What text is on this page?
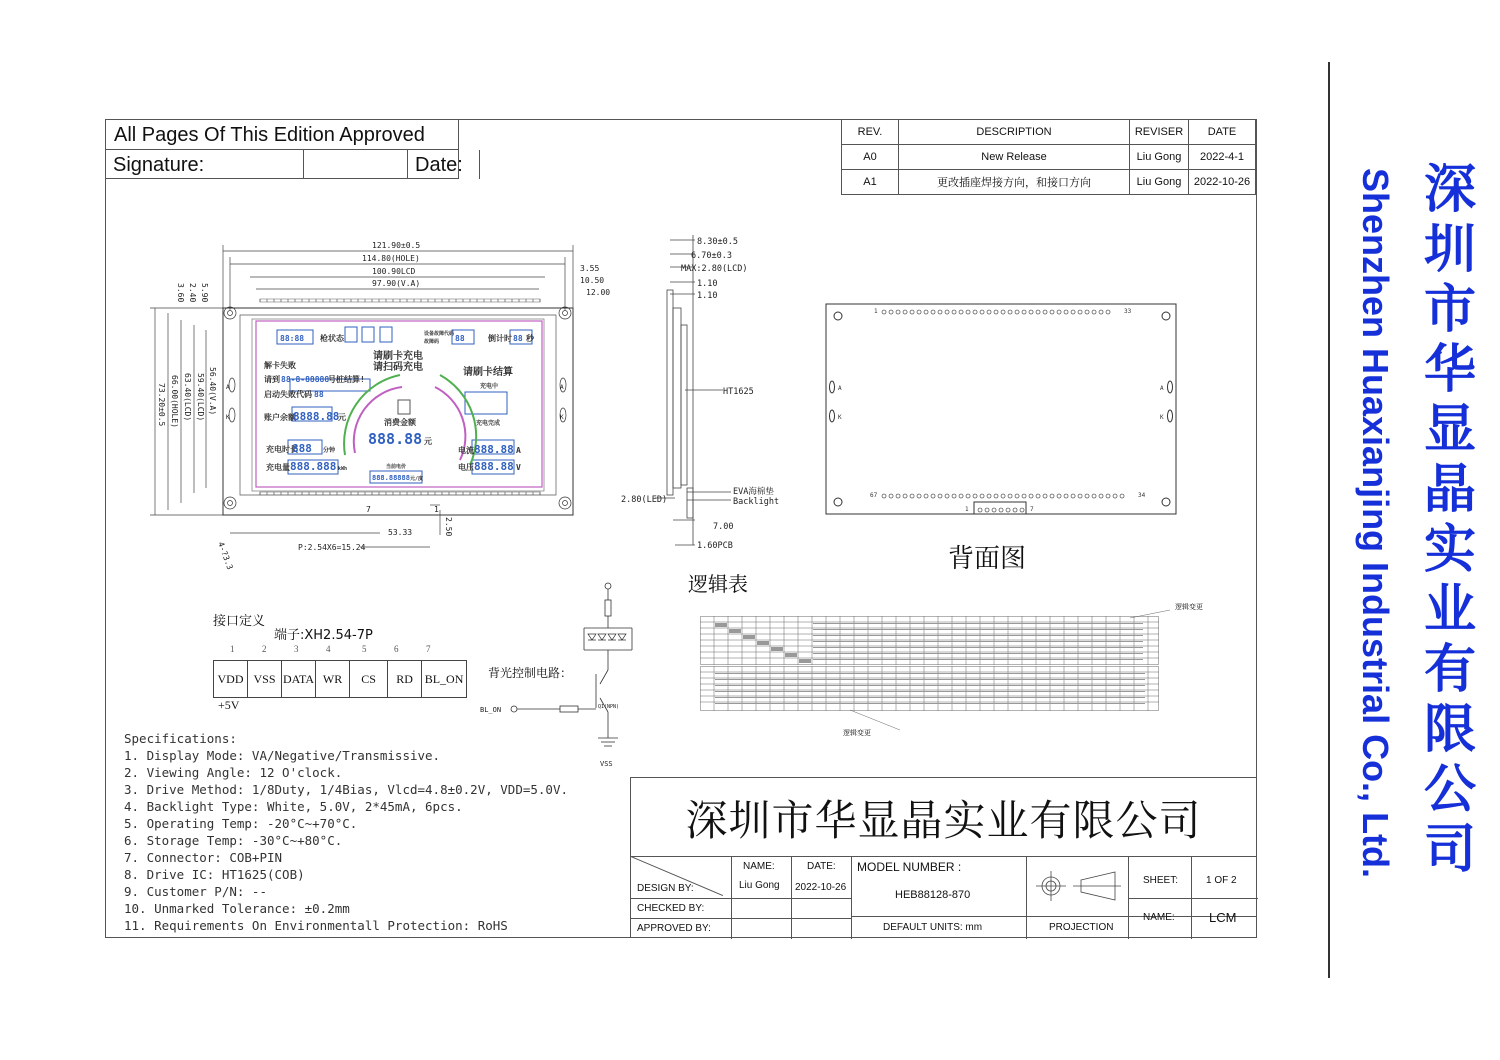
All Pages Of This Edition Approved
Signature:	Date:
REV.	DESCRIPTION	REVISER	DATE
A0	New Release	Liu Gong	2022-4-1
A1	更改插座焊接方向，和接口方向	Liu Gong	2022-10-26
121.90±0.5
114.80(HOLE)
100.90LCD
97.90(V.A)
3.55
10.50
12.00
53.33
P:2.54X6=15.24
7	1
A
K
A
K
2.50
4-?3.3
5.90
2.40
3.60
56.40(V.A)
59.40(LCD)
63.40(LCD)
66.00(HOLE)
73.20±0.5
88:88 枪状态	设备故障代码
故障码 88	倒计时 88 秒
请刷卡充电
请扫码充电
解卡失败
请到 88-8-88888
号桩结算!
启动失败代码 88
请刷卡结算
充电中
充电完成
账户余额
8888.88
元
消费金额
888.88 元
充电时长
888 分钟
充电量 888.888 kWh
电流 888.88 A
电压 888.88 V
当前电价
888.88888 元/度
8.30±0.5
6.70±0.3
MAX:2.80(LCD)
1.10
1.10
HT1625
2.80(LED)
EVA海棉垫
Backlight
7.00
1.60PCB
1	33
67	34
1	7
A
K
A
K
背面图
逻辑表
逻辑变更
逻辑变更
接口定义
端子:XH2.54-7P
1	2	3	4	5	6	7
VDD	VSS	DATA	WR	CS	RD	BL_ON
+5V
背光控制电路：
BL_ON	Q1(NPN)
VSS
Specifications:
1. Display Mode: VA/Negative/Transmissive.
2. Viewing Angle: 12 O'clock.
3. Drive Method: 1/8Duty, 1/4Bias, Vlcd=4.8±0.2V, VDD=5.0V.
4. Backlight Type: White, 5.0V, 2*45mA, 6pcs.
5. Operating Temp: -20°C~+70°C.
6. Storage Temp: -30°C~+80°C.
7. Connector: COB+PIN
8. Drive IC: HT1625(COB)
9. Customer P/N: --
10. Unmarked Tolerance: ±0.2mm
11. Requirements On Environmentall Protection: RoHS
深圳市华显晶实业有限公司
NAME:	DATE: MODEL NUMBER :
HEB88128-870
DESIGN BY:	Liu Gong 2022-10-26
CHECKED BY:
APPROVED BY:	DEFAULT UNITS: mm	PROJECTION
SHEET:	1 OF 2
NAME:	LCM
深
圳
市
华
显
晶
实
业
有
限
公
司
Shenzhen Huaxianjing Industrial Co., Ltd.
